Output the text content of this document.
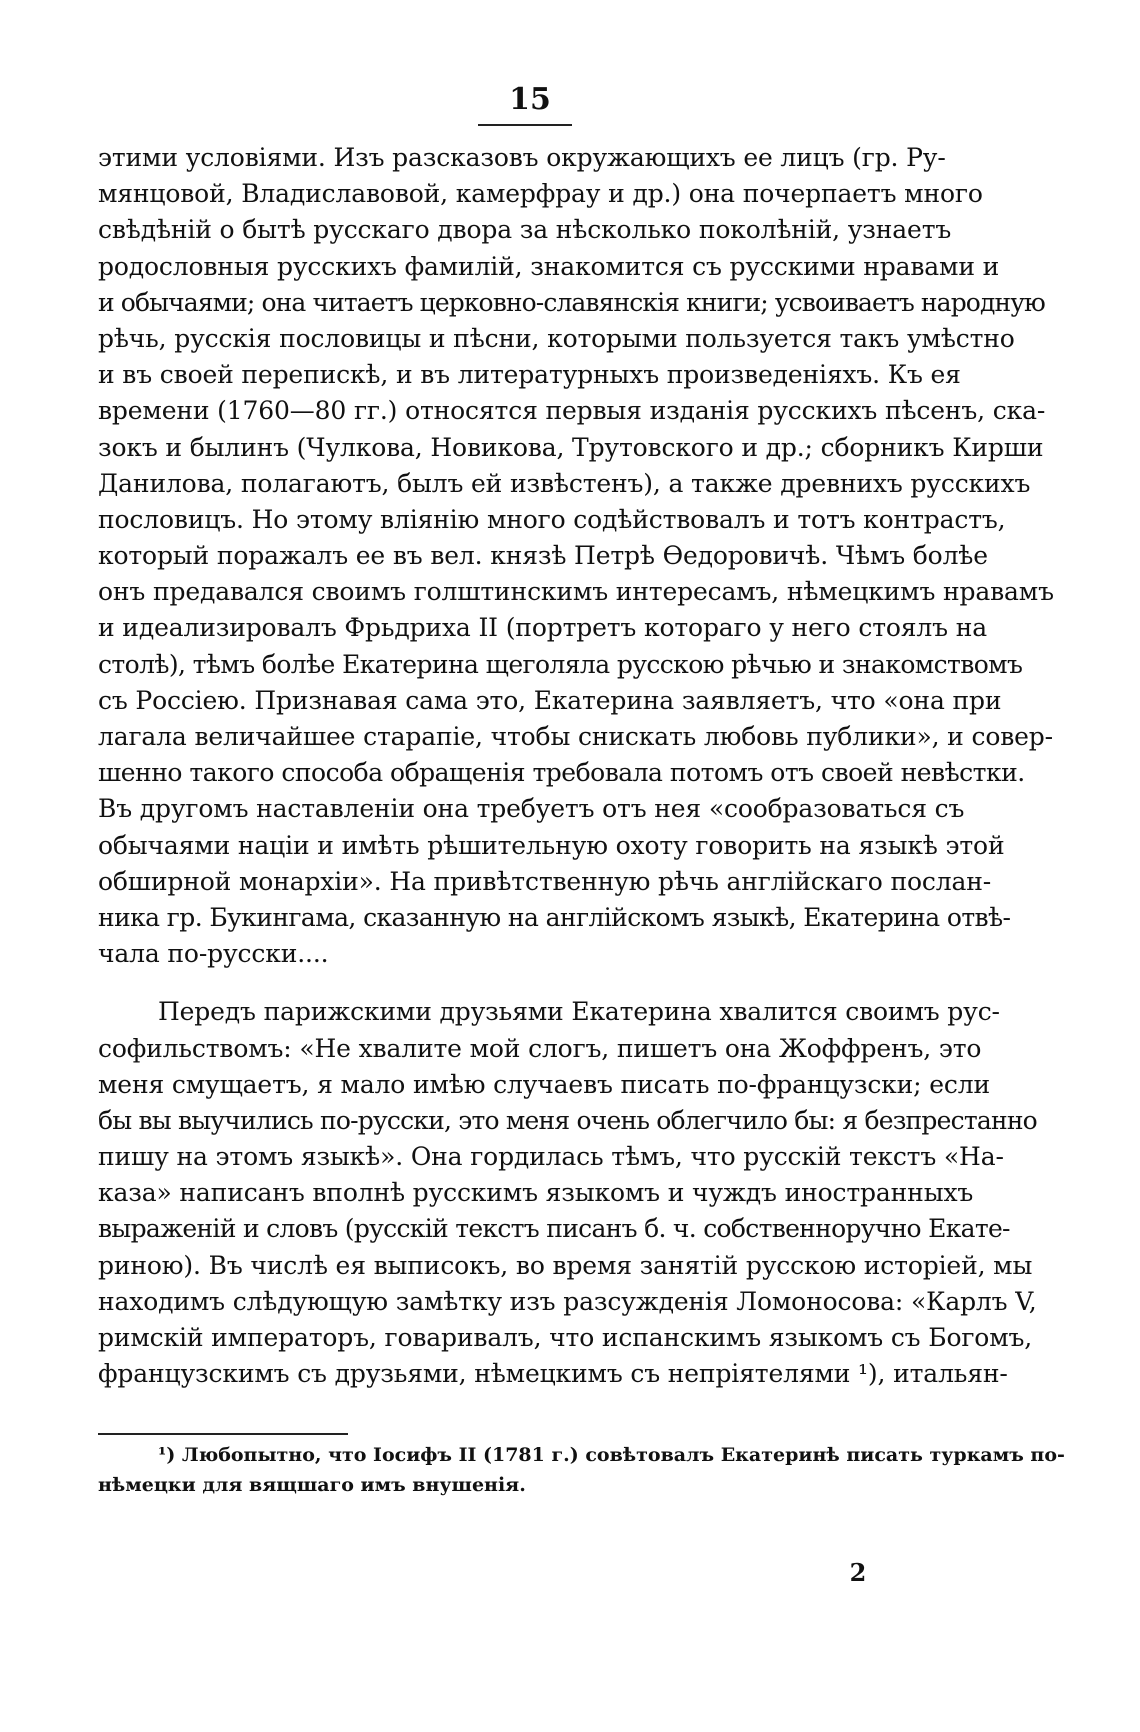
15
этими условіями. Изъ разсказовъ окружающихъ ее лицъ (гр. Ру-
мянцовой, Владиславовой, камерфрау и др.) она почерпаетъ много
свѣдѣній о бытѣ русскаго двора за нѣсколько поколѣній, узнаетъ
родословныя русскихъ фамилій, знакомится съ русскими нравами и
и обычаями; она читаетъ церковно-славянскія книги; усвоиваетъ народную
рѣчь, русскія пословицы и пѣсни, которыми пользуется такъ умѣстно
и въ своей перепискѣ, и въ литературныхъ произведеніяхъ. Къ ея
времени (1760—80 гг.) относятся первыя изданія русскихъ пѣсенъ, ска-
зокъ и былинъ (Чулкова, Новикова, Трутовского и др.; сборникъ Кирши
Данилова, полагаютъ, былъ ей извѣстенъ), а также древнихъ русскихъ
пословицъ. Но этому вліянію много содѣйствовалъ и тотъ контрастъ,
который поражалъ ее въ вел. князѣ Петрѣ Ѳедоровичѣ. Чѣмъ болѣе
онъ предавался своимъ голштинскимъ интересамъ, нѣмецкимъ нравамъ
и идеализировалъ Фрьдриха II (портретъ котораго у него стоялъ на
столѣ), тѣмъ болѣе Екатерина щеголяла русскою рѣчью и знакомствомъ
съ Россіею. Признавая сама это, Екатерина заявляетъ, что «она при
лагала величайшее старапіе, чтобы снискать любовь публики», и совер-
шенно такого способа обращенія требовала потомъ отъ своей невѣстки.
Въ другомъ наставленіи она требуетъ отъ нея «сообразоваться съ
обычаями націи и имѣть рѣшительную охоту говорить на языкѣ этой
обширной монархіи». На привѣтственную рѣчь англійскаго послан-
ника гр. Букингама, сказанную на англійскомъ языкѣ, Екатерина отвѣ-
чала по-русски....
Передъ парижскими друзьями Екатерина хвалится своимъ рус-
софильствомъ: «Не хвалите мой слогъ, пишетъ она Жоффренъ, это
меня смущаетъ, я мало имѣю случаевъ писать по-французски; если
бы вы выучились по-русски, это меня очень облегчило бы: я безпрестанно
пишу на этомъ языкѣ». Она гордилась тѣмъ, что русскій текстъ «На-
каза» написанъ вполнѣ русскимъ языкомъ и чуждъ иностранныхъ
выраженій и словъ (русскій текстъ писанъ б. ч. собственноручно Екате-
риною). Въ числѣ ея выписокъ, во время занятій русскою исторіей, мы
находимъ слѣдующую замѣтку изъ разсужденія Ломоносова: «Карлъ V,
римскій императоръ, говаривалъ, что испанскимъ языкомъ съ Богомъ,
французскимъ съ друзьями, нѣмецкимъ съ непріятелями ¹), итальян-
¹) Любопытно, что Іосифъ II (1781 г.) совѣтовалъ Екатеринѣ писать туркамъ по-
нѣмецки для вящшаго имъ внушенія.
2
